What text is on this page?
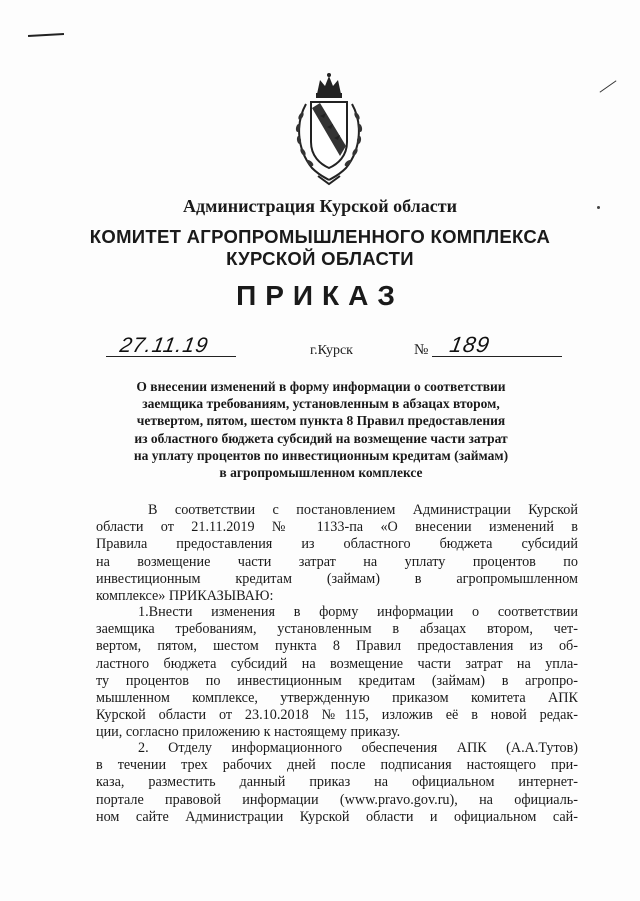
Администрация Курской области
КОМИТЕТ АГРОПРОМЫШЛЕННОГО КОМПЛЕКСА
КУРСКОЙ ОБЛАСТИ
ПРИКАЗ
27.11.19	г.Курск	№ 189
О внесении изменений в форму информации о соответствии
заемщика требованиям, установленным в абзацах втором,
четвертом, пятом, шестом пункта 8 Правил предоставления
из областного бюджета субсидий на возмещение части затрат
на уплату процентов по инвестиционным кредитам (займам)
в агропромышленном комплексе
В соответствии с постановлением Администрации Курской
области от 21.11.2019 № 1133-па «О внесении изменений в
Правила предоставления из областного бюджета субсидий
на возмещение части затрат на уплату процентов по
инвестиционным кредитам (займам) в агропромышленном
комплексе» ПРИКАЗЫВАЮ:
1.Внести изменения в форму информации о соответствии
заемщика требованиям, установленным в абзацах втором, чет-
вертом, пятом, шестом пункта 8 Правил предоставления из об-
ластного бюджета субсидий на возмещение части затрат на упла-
ту процентов по инвестиционным кредитам (займам) в агропро-
мышленном комплексе, утвержденную приказом комитета АПК
Курской области от 23.10.2018 №115, изложив её в новой редак-
ции, согласно приложению к настоящему приказу.
2. Отделу информационного обеспечения АПК (А.А.Тутов)
в течении трех рабочих дней после подписания настоящего при-
каза, разместить данный приказ на официальном интернет-
портале правовой информации (www.pravo.gov.ru), на официаль-
ном сайте Администрации Курской области и официальном сай-
